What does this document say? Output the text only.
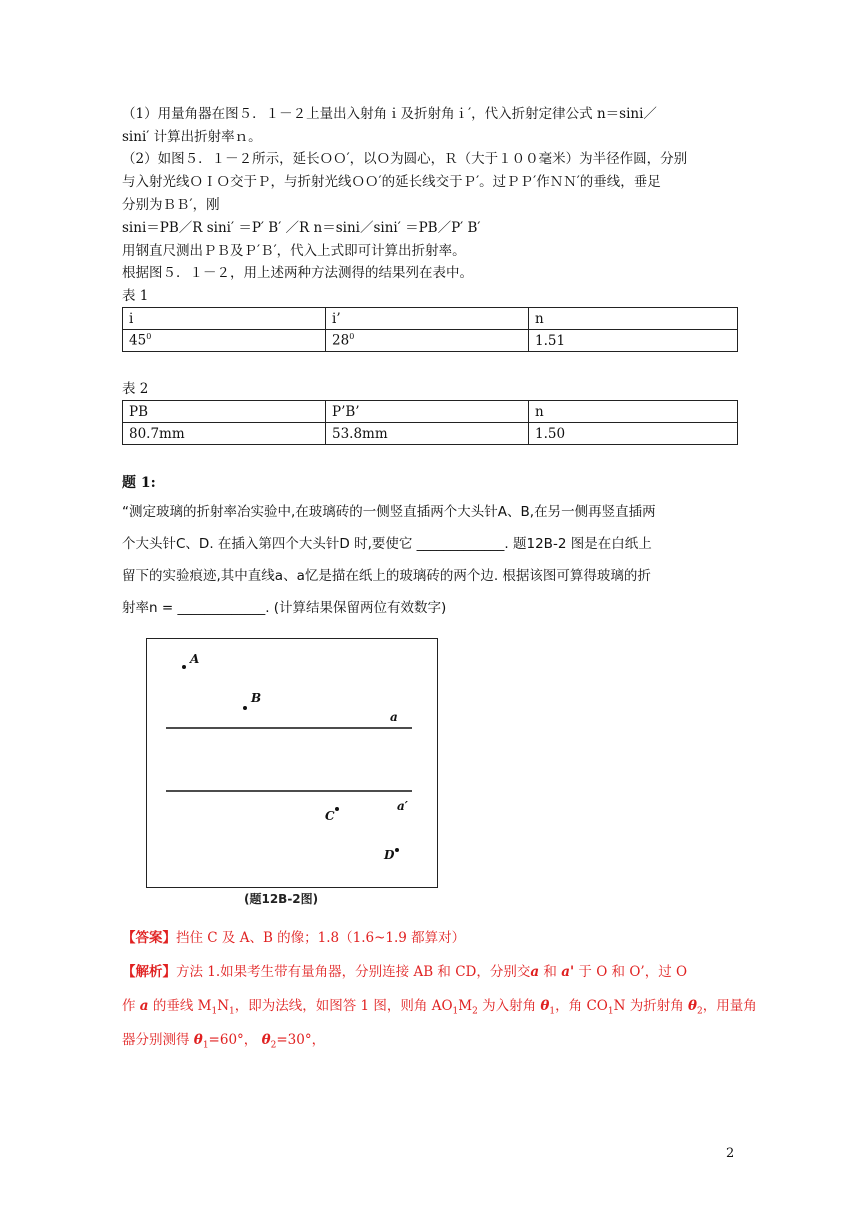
（1）用量角器在图５．１－２上量出入射角ｉ及折射角ｉ′，代入折射定律公式 n＝sini／
sini′ 计算出折射率ｎ。
（2）如图５．１－２所示，延长ＯＯ′，以Ｏ为圆心，Ｒ（大于１００毫米）为半径作圆，分别
与入射光线ＯＩＯ交于Ｐ，与折射光线ＯＯ′的延长线交于Ｐ′。过ＰＰ′作ＮＮ′的垂线，垂足
分别为ＢＢ′，刚
sini＝PB／R sini′ ＝P′ B′ ／R n＝sini／sini′ ＝PB／P′ B′
用钢直尺测出ＰＢ及Ｐ′Ｂ′，代入上式即可计算出折射率。
根据图５．１－２，用上述两种方法测得的结果列在表中。
表 1
i	i’	n
$45^0$	$28^0$	1.51
表 2
PB	P’B’	n
80.7mm	53.8mm	1.50
题 1:
“测定玻璃的折射率冶实验中,在玻璃砖的一侧竖直插两个大头针A、B,在另一侧再竖直插两
个大头针C、D. 在插入第四个大头针D 时,要使它 _____________. 题12B-2 图是在白纸上
留下的实验痕迹,其中直线a、a忆是描在纸上的玻璃砖的两个边. 根据该图可算得玻璃的折
射率n = _____________. (计算结果保留两位有效数字)
A
B
a
C
a′
D
(题12B-2图)
【答案】挡住 C 及 A、B 的像；1.8（1.6~1.9 都算对）
【解析】方法 1.如果考生带有量角器，分别连接 AB 和 CD，分别交a 和 a' 于 O 和 O’，过 O
作 a 的垂线 $M_1N_1$，即为法线，如图答 1 图，则角 $AO_1M_2$ 为入射角 $\theta_1$，角 $CO_1N$ 为折射角 $\theta_2$，用量角
器分别测得 $\theta_1=60^\circ$， $\theta_2=30^\circ$，
2
